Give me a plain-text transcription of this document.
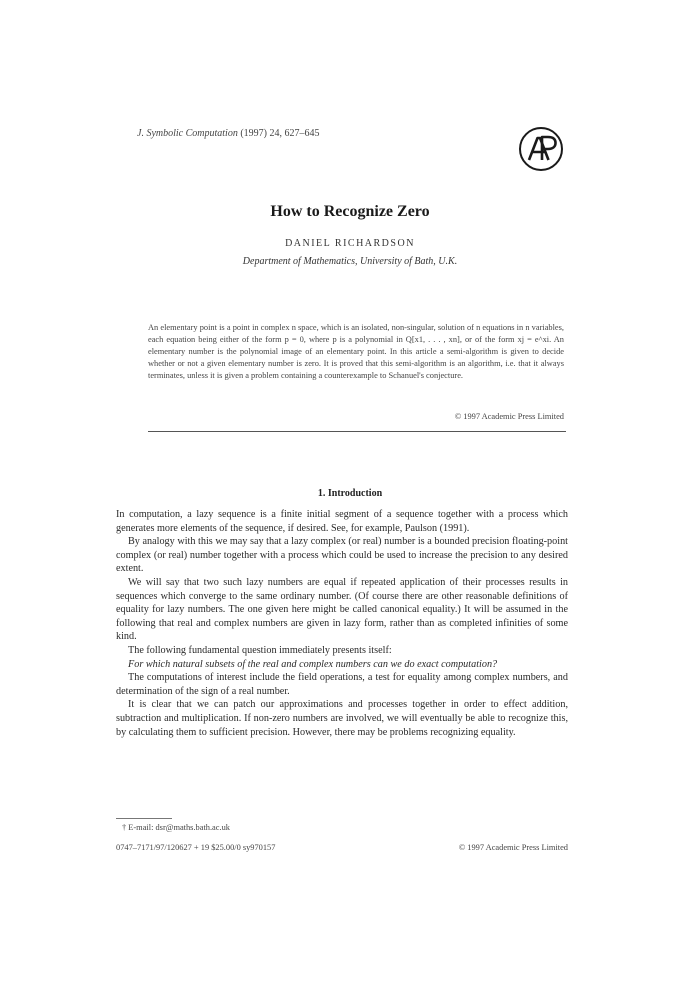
J. Symbolic Computation (1997) 24, 627–645
How to Recognize Zero
DANIEL RICHARDSON
Department of Mathematics, University of Bath, U.K.
An elementary point is a point in complex n space, which is an isolated, non-singular, solution of n equations in n variables, each equation being either of the form p = 0, where p is a polynomial in Q[x1, . . . , xn], or of the form xj = e^xi. An elementary number is the polynomial image of an elementary point. In this article a semi-algorithm is given to decide whether or not a given elementary number is zero. It is proved that this semi-algorithm is an algorithm, i.e. that it always terminates, unless it is given a problem containing a counterexample to Schanuel's conjecture.
© 1997 Academic Press Limited
1. Introduction

In computation, a lazy sequence is a finite initial segment of a sequence together with a process which generates more elements of the sequence, if desired. See, for example, Paulson (1991).

By analogy with this we may say that a lazy complex (or real) number is a bounded precision floating-point complex (or real) number together with a process which could be used to increase the precision to any desired extent.

We will say that two such lazy numbers are equal if repeated application of their processes results in sequences which converge to the same ordinary number. (Of course there are other reasonable definitions of equality for lazy numbers. The one given here might be called canonical equality.) It will be assumed in the following that real and complex numbers are given in lazy form, rather than as completed infinities of some kind.

The following fundamental question immediately presents itself:

For which natural subsets of the real and complex numbers can we do exact computation?

The computations of interest include the field operations, a test for equality among complex numbers, and determination of the sign of a real number.

It is clear that we can patch our approximations and processes together in order to effect addition, subtraction and multiplication. If non-zero numbers are involved, we will eventually be able to recognize this, by calculating them to sufficient precision. However, there may be problems recognizing equality.

† E-mail: dsr@maths.bath.ac.uk
0747–7171/97/120627 + 19 $25.00/0 sy970157	© 1997 Academic Press Limited
